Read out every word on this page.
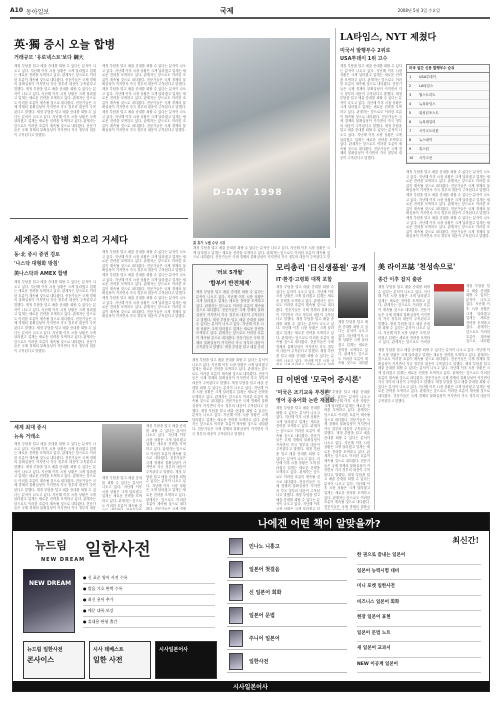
A10 동아일보	국제	2008년 5월 3일 수요일
英·獨 증시 오늘 합병
거래규모 '유로넥스트'보다 綱大
재정 부담을 덜고 매출 증대를 꾀할 수 있다는 분석이 나오고 있다. 지난해 이후 시장 상황은 크게 달라졌고 업계는 새로운 전략을 모색하고 있다. 관계자는 앞으로도 이러한 흐름이 계속될 것으로 내다봤다. 전문가들은 국제 경제의 불확실성이 커지면서 각국 정부의 대응이 주목된다고 말했다. 재정 부담을 덜고 매출 증대를 꾀할 수 있다는 분석이 나오고 있다. 지난해 이후 시장 상황은 크게 달라졌고 업계는 새로운 전략을 모색하고 있다. 관계자는 앞으로도 이러한 흐름이 계속될 것으로 내다봤다. 전문가들은 국제 경제의 불확실성이 커지면서 각국 정부의 대응이 주목된다고 말했다. 재정 부담을 덜고 매출 증대를 꾀할 수 있다는 분석이 나오고 있다. 지난해 이후 시장 상황은 크게 달라졌고 업계는 새로운 전략을 모색하고 있다. 관계자는 앞으로도 이러한 흐름이 계속될 것으로 내다봤다. 전문가들은 국제 경제의 불확실성이 커지면서 각국 정부의 대응이 주목된다고 말했다.
재정 부담을 덜고 매출 증대를 꾀할 수 있다는 분석이 나오고 있다. 지난해 이후 시장 상황은 크게 달라졌고 업계는 새로운 전략을 모색하고 있다. 관계자는 앞으로도 이러한 흐름이 계속될 것으로 내다봤다. 전문가들은 국제 경제의 불확실성이 커지면서 각국 정부의 대응이 주목된다고 말했다. 재정 부담을 덜고 매출 증대를 꾀할 수 있다는 분석이 나오고 있다. 지난해 이후 시장 상황은 크게 달라졌고 업계는 새로운 전략을 모색하고 있다. 관계자는 앞으로도 이러한 흐름이 계속될 것으로 내다봤다. 전문가들은 국제 경제의 불확실성이 커지면서 각국 정부의 대응이 주목된다고 말했다. 재정 부담을 덜고 매출 증대를 꾀할 수 있다는 분석이 나오고 있다. 지난해 이후 시장 상황은 크게 달라졌고 업계는 새로운 전략을 모색하고 있다. 관계자는 앞으로도 이러한 흐름이 계속될 것으로 내다봤다. 전문가들은 국제 경제의 불확실성이 커지면서 각국 정부의 대응이 주목된다고 말했다.
D-DAY 1998
美 휴가 노벨 수상 시위
재정 부담을 덜고 매출 증대를 꾀할 수 있다는 분석이 나오고 있다. 지난해 이후 시장 상황은 크게 달라졌고 업계는 새로운 전략을 모색하고 있다. 관계자는 앞으로도 이러한 흐름이 계속될 것으로 내다봤다. 전문가들은 국제 경제의 불확실성이 커지면서 각국 정부의 대응이 주목된다고 말했다. 재정 부담을 덜고 매출 증대를 꾀할 수 있다는 분석이 나오고 있다. 지난해 이후 시장 상황은 크게 달라졌고 업계는 새로운 전략을 모색하고 있다. 관계자는 앞으로도 이러한 흐름이 계속될 것으로 내다봤다. 전문가들은 국제 경제의 불확실성이 커지면서 각국 정부의 대응이 주목된다고 말했다. 재정 부담을 덜고 매출 증대를 꾀할 수 있다는 분석이 나오고 있다. 지난해 이후 시장 상황은 크게 달라졌고 업계는 새로운 전략을 모색하고 있다. 관계자는 앞으로도 이러한 흐름이 계속될 것으로 내다봤다. 전문가들은 국제 경제의 불확실성이 커지면서 각국 정부의 대응이 주목된다고 말했다.
LA타임스, NYT 제쳤다
미국서 발행부수 2위로
USA투데이 1위 고수
재정 부담을 덜고 매출 증대를 꾀할 수 있다는 분석이 나오고 있다. 지난해 이후 시장 상황은 크게 달라졌고 업계는 새로운 전략을 모색하고 있다. 관계자는 앞으로도 이러한 흐름이 계속될 것으로 내다봤다. 전문가들은 국제 경제의 불확실성이 커지면서 각국 정부의 대응이 주목된다고 말했다. 재정 부담을 덜고 매출 증대를 꾀할 수 있다는 분석이 나오고 있다. 지난해 이후 시장 상황은 크게 달라졌고 업계는 새로운 전략을 모색하고 있다. 관계자는 앞으로도 이러한 흐름이 계속될 것으로 내다봤다. 전문가들은 국제 경제의 불확실성이 커지면서 각국 정부의 대응이 주목된다고 말했다. 재정 부담을 덜고 매출 증대를 꾀할 수 있다는 분석이 나오고 있다. 지난해 이후 시장 상황은 크게 달라졌고 업계는 새로운 전략을 모색하고 있다. 관계자는 앞으로도 이러한 흐름이 계속될 것으로 내다봤다. 전문가들은 국제 경제의 불확실성이 커지면서 각국 정부의 대응이 주목된다고 말했다.
미국 일간 신문 발행부수 순위
1	USA투데이
2	LA타임스
3	월스트리트
4	뉴욕타임스
5	워싱턴포스트
6	뉴욕데일리
7	시카고트리뷴
8	뉴스데이
9	휴스턴
10	시카고선
재정 부담을 덜고 매출 증대를 꾀할 수 있다는 분석이 나오고 있다. 지난해 이후 시장 상황은 크게 달라졌고 업계는 새로운 전략을 모색하고 있다. 관계자는 앞으로도 이러한 흐름이 계속될 것으로 내다봤다. 전문가들은 국제 경제의 불확실성이 커지면서 각국 정부의 대응이 주목된다고 말했다. 재정 부담을 덜고 매출 증대를 꾀할 수 있다는 분석이 나오고 있다. 지난해 이후 시장 상황은 크게 달라졌고 업계는 새로운 전략을 모색하고 있다. 관계자는 앞으로도 이러한 흐름이 계속될 것으로 내다봤다. 전문가들은 국제 경제의 불확실성이 커지면서 각국 정부의 대응이 주목된다고 말했다. 재정 부담을 덜고 매출 증대를 꾀할 수 있다는 분석이 나오고 있다. 지난해 이후 시장 상황은 크게 달라졌고 업계는 새로운 전략을 모색하고 있다. 관계자는 앞으로도 이러한 흐름이 계속될 것으로 내다봤다. 전문가들은 국제 경제의 불확실성이 커지면서 각국 정부의 대응이 주목된다고 말했다.
세계증시 합병 회오리 거세다
동·北 증시 증권 검토
'나스닥 대형화 방침'
美나스닥과 AMEX 합병
재정 부담을 덜고 매출 증대를 꾀할 수 있다는 분석이 나오고 있다. 지난해 이후 시장 상황은 크게 달라졌고 업계는 새로운 전략을 모색하고 있다. 관계자는 앞으로도 이러한 흐름이 계속될 것으로 내다봤다. 전문가들은 국제 경제의 불확실성이 커지면서 각국 정부의 대응이 주목된다고 말했다. 재정 부담을 덜고 매출 증대를 꾀할 수 있다는 분석이 나오고 있다. 지난해 이후 시장 상황은 크게 달라졌고 업계는 새로운 전략을 모색하고 있다. 관계자는 앞으로도 이러한 흐름이 계속될 것으로 내다봤다. 전문가들은 국제 경제의 불확실성이 커지면서 각국 정부의 대응이 주목된다고 말했다. 재정 부담을 덜고 매출 증대를 꾀할 수 있다는 분석이 나오고 있다. 지난해 이후 시장 상황은 크게 달라졌고 업계는 새로운 전략을 모색하고 있다. 관계자는 앞으로도 이러한 흐름이 계속될 것으로 내다봤다. 전문가들은 국제 경제의 불확실성이 커지면서 각국 정부의 대응이 주목된다고 말했다.
재정 부담을 덜고 매출 증대를 꾀할 수 있다는 분석이 나오고 있다. 지난해 이후 시장 상황은 크게 달라졌고 업계는 새로운 전략을 모색하고 있다. 관계자는 앞으로도 이러한 흐름이 계속될 것으로 내다봤다. 전문가들은 국제 경제의 불확실성이 커지면서 각국 정부의 대응이 주목된다고 말했다. 재정 부담을 덜고 매출 증대를 꾀할 수 있다는 분석이 나오고 있다. 지난해 이후 시장 상황은 크게 달라졌고 업계는 새로운 전략을 모색하고 있다. 관계자는 앞으로도 이러한 흐름이 계속될 것으로 내다봤다. 전문가들은 국제 경제의 불확실성이 커지면서 각국 정부의 대응이 주목된다고 말했다. 재정 부담을 덜고 매출 증대를 꾀할 수 있다는 분석이 나오고 있다. 지난해 이후 시장 상황은 크게 달라졌고 업계는 새로운 전략을 모색하고 있다. 관계자는 앞으로도 이러한 흐름이 계속될 것으로 내다봤다. 전문가들은 국제 경제의 불확실성이 커지면서 각국 정부의 대응이 주목된다고 말했다.
세계 최대 증시
뉴욕 거래소
재정 부담을 덜고 매출 증대를 꾀할 수 있다는 분석이 나오고 있다. 지난해 이후 시장 상황은 크게 달라졌고 업계는 새로운 전략을 모색하고 있다. 관계자는 앞으로도 이러한 흐름이 계속될 것으로 내다봤다. 전문가들은 국제 경제의 불확실성이 커지면서 각국 정부의 대응이 주목된다고 말했다. 재정 부담을 덜고 매출 증대를 꾀할 수 있다는 분석이 나오고 있다. 지난해 이후 시장 상황은 크게 달라졌고 업계는 새로운 전략을 모색하고 있다. 관계자는 앞으로도 이러한 흐름이 계속될 것으로 내다봤다. 전문가들은 국제 경제의 불확실성이 커지면서 각국 정부의 대응이 주목된다고 말했다. 재정 부담을 덜고 매출 증대를 꾀할 수 있다는 분석이 나오고 있다. 지난해 이후 시장 상황은 크게 달라졌고 업계는 새로운 전략을 모색하고 있다. 관계자는 앞으로도 이러한 흐름이 계속될 것으로 내다봤다. 전문가들은 국제 경제의 불확실성이 커지면서 각국 정부의 대응이 주목된다고 말했다.
재정 부담을 덜고 매출 증대를 꾀할 수 있다는 분석이 나오고 있다. 지난해 이후 시장 상황은 크게 달라졌고 업계는 새로운 전략을 모색하고 있다. 관계자는 앞으로도 이러한 흐름이 계속될 것으로 내다봤다. 전문가들은 국제 경제의 불확실성이 커지면서 각국 정부의 대응이 주목된다고 말했다. 재정 부담을 덜고 매출 증대를 꾀할 수 있다는 분석이 나오고 있다. 지난해 이후 시장 상황은 크게 달라졌고 업계는 새로운 전략을 모색하고 있다. 관계자는 앞으로도 이러한 흐름이 계속될 것으로 내다봤다. 전문가들은 국제 경제의 불확실성이 커지면서 각국 정부의 대응이 주목된다고 말했다. 재정 부담을 덜고 매출 증대를 꾀할 수 있다는 분석이 나오고 있다. 지난해 이후 시장 상황은 크게 달라졌고 업계는 새로운 전략을 모색하고 있다. 관계자는 앞으로도 이러한 흐름이 계속될 것으로 내다봤다. 전문가들은 국제 경제의 불확실성이 커지면서 각국 정부의 대응이 주목된다고 말했다.
재정 부담을 덜고 매출 증대를 꾀할 수 있다는 분석이 나오고 있다. 지난해 이후 시장 상황은 크게 달라졌고 업계는 새로운 전략을 모색하고 있다. 관계자는 앞으로도 이러한 흐름이 계속될 것으로 내다봤다. 전문가들은 국제 경제의 불확실성이 커지면서 각국 정부의 대응이 주목된다고 말했다. 재정 부담을 덜고 매출 증대를 꾀할 수 있다는 분석이 나오고 있다. 지난해 이후 시장 상황은 크게 달라졌고 업계는 새로운 전략을 모색하고 있다. 관계자는 앞으로도 이러한 흐름이 계속될 것으로 내다봤다. 전문가들은 국제 경제의 불확실성이 커지면서 각국 정부의 대응이 주목된다고 말했다. 재정 부담을 덜고 매출 증대를 꾀할 수 있다는 분석이 나오고 있다. 지난해 이후 시장 상황은 크게 달라졌고 업계는 새로운 전략을 모색하고 있다. 관계자는 앞으로도 이러한 흐름이 계속될 것으로 내다봤다. 전문가들은 국제 경제의 불확실성이 커지면서 각국 정부의 대응이 주목된다고 말했다.
'러브 5개월'
'합부키 반전체제'
재정 부담을 덜고 매출 증대를 꾀할 수 있다는 분석이 나오고 있다. 지난해 이후 시장 상황은 크게 달라졌고 업계는 새로운 전략을 모색하고 있다. 관계자는 앞으로도 이러한 흐름이 계속될 것으로 내다봤다. 전문가들은 국제 경제의 불확실성이 커지면서 각국 정부의 대응이 주목된다고 말했다. 재정 부담을 덜고 매출 증대를 꾀할 수 있다는 분석이 나오고 있다. 지난해 이후 시장 상황은 크게 달라졌고 업계는 새로운 전략을 모색하고 있다. 관계자는 앞으로도 이러한 흐름이 계속될 것으로 내다봤다. 전문가들은 국제 경제의 불확실성이 커지면서 각국 정부의 대응이 주목된다고 말했다. 재정 부담을 덜고 매출 증대를 꾀할 수 있다는 분석이 나오고 있다. 지난해 이후 시장 상황은 크게 달라졌고 업계는 새로운 전략을 모색하고 있다. 관계자는 앞으로도 이러한 흐름이 계속될 것으로 내다봤다. 전문가들은 국제 경제의 불확실성이 커지면서 각국 정부의 대응이 주목된다고 말했다.
재정 부담을 덜고 매출 증대를 꾀할 수 있다는 분석이 나오고 있다. 지난해 이후 시장 상황은 크게 달라졌고 업계는 새로운 전략을 모색하고 있다. 관계자는 앞으로도 이러한 흐름이 계속될 것으로 내다봤다. 전문가들은 국제 경제의 불확실성이 커지면서 각국 정부의 대응이 주목된다고 말했다. 재정 부담을 덜고 매출 증대를 꾀할 수 있다는 분석이 나오고 있다. 지난해 이후 시장 상황은 크게 달라졌고 업계는 새로운 전략을 모색하고 있다. 관계자는 앞으로도 이러한 흐름이 계속될 것으로 내다봤다. 전문가들은 국제 경제의 불확실성이 커지면서 각국 정부의 대응이 주목된다고 말했다. 재정 부담을 덜고 매출 증대를 꾀할 수 있다는 분석이 나오고 있다. 지난해 이후 시장 상황은 크게 달라졌고 업계는 새로운 전략을 모색하고 있다. 관계자는 앞으로도 이러한 흐름이 계속될 것으로 내다봤다. 전문가들은 국제 경제의 불확실성이 커지면서 각국 정부의 대응이 주목된다고 말했다.
모리총리 '日신생품원' 공개
IT·환경·고령화 대책 포함
재정 부담을 덜고 매출 증대를 꾀할 수 있다는 분석이 나오고 있다. 지난해 이후 시장 상황은 크게 달라졌고 업계는 새로운 전략을 모색하고 있다. 관계자는 앞으로도 이러한 흐름이 계속될 것으로 내다봤다. 전문가들은 국제 경제의 불확실성이 커지면서 각국 정부의 대응이 주목된다고 말했다. 재정 부담을 덜고 매출 증대를 꾀할 수 있다는 분석이 나오고 있다. 지난해 이후 시장 상황은 크게 달라졌고 업계는 새로운 전략을 모색하고 있다. 관계자는 앞으로도 이러한 흐름이 계속될 것으로 내다봤다. 전문가들은 국제 경제의 불확실성이 커지면서 각국 정부의 대응이 주목된다고 말했다. 재정 부담을 덜고 매출 증대를 꾀할 수 있다는 분석이 나오고 있다. 지난해 이후 시장 상황은 크게 달라졌고 업계는 새로운 전략을 모색하고 있다. 관계자는 앞으로도 이러한 흐름이 계속될 것으로 내다봤다. 전문가들은 국제 경제의 불확실성이 커지면서 각국 정부의 대응이 주목된다고 말했다.
재정 부담을 덜고 매출 증대를 꾀할 수 있다는 분석이 나오고 있다. 지난해 이후 시장 상황은 크게 달라졌고 업계는 새로운 전략을 모색하고 있다. 관계자는 앞으로도 이러한 흐름이 계속될 것으로 내다봤다. 전문가들은 국제 경제의 불확실성이 커지면서 각국 정부의 대응이 주목된다고 말했다. 재정 부담을 덜고 매출 증대를 꾀할 수 있다는 분석이 나오고 있다. 지난해 이후 시장 상황은 크게 달라졌고 업계는 새로운 전략을 모색하고 있다. 관계자는 앞으로도 이러한 흐름이 계속될 것으로 내다봤다. 전문가들은 국제 경제의 불확실성이 커지면서 각국 정부의 대응이 주목된다고 말했다. 재정 부담을 덜고 매출 증대를 꾀할 수 있다는 분석이 나오고 있다. 지난해 이후 시장 상황은 크게 달라졌고 업계는 새로운 전략을 모색하고 있다. 관계자는 앞으로도 이러한 흐름이 계속될 것으로 내다봤다. 전문가들은 국제 경제의 불확실성이 커지면서 각국 정부의 대응이 주목된다고 말했다.
日 이번엔 '모국어 증시론'
'미국은 조기교육 부정론'
영어 공용어화 논란 재점화
재정 부담을 덜고 매출 증대를 꾀할 수 있다는 분석이 나오고 있다. 지난해 이후 시장 상황은 크게 달라졌고 업계는 새로운 전략을 모색하고 있다. 관계자는 앞으로도 이러한 흐름이 계속될 것으로 내다봤다. 전문가들은 국제 경제의 불확실성이 커지면서 각국 정부의 대응이 주목된다고 말했다. 재정 부담을 덜고 매출 증대를 꾀할 수 있다는 분석이 나오고 있다. 지난해 이후 시장 상황은 크게 달라졌고 업계는 새로운 전략을 모색하고 있다. 관계자는 앞으로도 이러한 흐름이 계속될 것으로 내다봤다. 전문가들은 국제 경제의 불확실성이 커지면서 각국 정부의 대응이 주목된다고 말했다. 재정 부담을 덜고 매출 증대를 꾀할 수 있다는 분석이 나오고 있다. 지난해 이후 시장 상황은 크게 달라졌고 업계는 새로운 전략을 모색하고 있다. 관계자는 앞으로도 이러한 흐름이 계속될 것으로 내다봤다. 전문가들은 국제 경제의 불확실성이 커지면서 각국 정부의 대응이 주목된다고 말했다.
재정 부담을 덜고 매출 증대를 꾀할 수 있다는 분석이 나오고 있다. 지난해 이후 시장 상황은 크게 달라졌고 업계는 새로운 전략을 모색하고 있다. 관계자는 앞으로도 이러한 흐름이 계속될 것으로 내다봤다. 전문가들은 국제 경제의 불확실성이 커지면서 각국 정부의 대응이 주목된다고 말했다. 재정 부담을 덜고 매출 증대를 꾀할 수 있다는 분석이 나오고 있다. 지난해 이후 시장 상황은 크게 달라졌고 업계는 새로운 전략을 모색하고 있다. 관계자는 앞으로도 이러한 흐름이 계속될 것으로 내다봤다. 전문가들은 국제 경제의 불확실성이 커지면서 각국 정부의 대응이 주목된다고 말했다. 재정 부담을 덜고 매출 증대를 꾀할 수 있다는 분석이 나오고 있다. 지난해 이후 시장 상황은 크게 달라졌고 업계는 새로운 전략을 모색하고 있다. 관계자는 앞으로도 이러한 흐름이 계속될 것으로 내다봤다. 전문가들은 국제 경제의 불확실성이 커지면서 각국 정부의 대응이 주목된다고 말했다.
美 라이프誌 '천성속으로'
종간 이후 잡지 출판
재정 부담을 덜고 매출 증대를 꾀할 수 있다는 분석이 나오고 있다. 지난해 이후 시장 상황은 크게 달라졌고 업계는 새로운 전략을 모색하고 있다. 관계자는 앞으로도 이러한 흐름이 계속될 것으로 내다봤다. 전문가들은 국제 경제의 불확실성이 커지면서 각국 정부의 대응이 주목된다고 말했다. 재정 부담을 덜고 매출 증대를 꾀할 수 있다는 분석이 나오고 있다. 지난해 이후 시장 상황은 크게 달라졌고 업계는 새로운 전략을 모색하고 있다. 관계자는 앞으로도 이러한 흐름이 계속될 것으로 내다봤다. 전문가들은 국제 경제의 불확실성이 커지면서 각국 정부의 대응이 주목된다고 말했다. 재정 부담을 덜고 매출 증대를 꾀할 수 있다는 분석이 나오고 있다. 지난해 이후 시장 상황은 크게 달라졌고 업계는 새로운 전략을 모색하고 있다. 관계자는 앞으로도 이러한 흐름이 계속될 것으로 내다봤다. 전문가들은 국제 경제의 불확실성이 커지면서 각국 정부의 대응이 주목된다고 말했다.
재정 부담을 덜고 매출 증대를 꾀할 수 있다는 분석이 나오고 있다. 지난해 이후 시장 상황은 크게 달라졌고 업계는 새로운 전략을 모색하고 있다. 관계자는 앞으로도 이러한 흐름이 계속될 것으로 내다봤다. 전문가들은 국제 경제의 불확실성이 커지면서 각국 정부의 대응이 주목된다고 말했다. 재정 부담을 덜고 매출 증대를 꾀할 수 있다는 분석이 나오고 있다. 지난해 이후 시장 상황은 크게 달라졌고 업계는 새로운 전략을 모색하고 있다. 관계자는 앞으로도 이러한 흐름이 계속될 것으로 내다봤다. 전문가들은 국제 경제의 불확실성이 커지면서 각국 정부의 대응이 주목된다고 말했다. 재정 부담을 덜고 매출 증대를 꾀할 수 있다는 분석이 나오고 있다. 지난해 이후 시장 상황은 크게 달라졌고 업계는 새로운 전략을 모색하고 있다. 관계자는 앞으로도 이러한 흐름이 계속될 것으로 내다봤다. 전문가들은 국제 경제의 불확실성이 커지면서 각국 정부의 대응이 주목된다고 말했다.
재정 부담을 덜고 매출 증대를 꾀할 수 있다는 분석이 나오고 있다. 지난해 이후 시장 상황은 크게 달라졌고 업계는 새로운 전략을 모색하고 있다. 관계자는 앞으로도 이러한 흐름이 계속될 것으로 내다봤다. 전문가들은 국제 경제의 불확실성이 커지면서 각국 정부의 대응이 주목된다고 말했다. 재정 부담을 덜고 매출 증대를 꾀할 수 있다는 분석이 나오고 있다. 지난해 이후 시장 상황은 크게 달라졌고 업계는 새로운 전략을 모색하고 있다. 관계자는 앞으로도 이러한 흐름이 계속될 것으로 내다봤다. 전문가들은 국제 경제의 불확실성이 커지면서 각국 정부의 대응이 주목된다고 말했다. 재정 부담을 덜고 매출 증대를 꾀할 수 있다는 분석이 나오고 있다. 지난해 이후 시장 상황은 크게 달라졌고 업계는 새로운 전략을 모색하고 있다. 관계자는 앞으로도 이러한 흐름이 계속될 것으로 내다봤다. 전문가들은 국제 경제의 불확실성이 커지면서 각국 정부의 대응이 주목된다고 말했다.
나에겐 어떤 책이 알맞을까?
뉴드림 일한사전
NEW DREAM
NEW DREAM
● 신 표준 영어 사전 수록
● 발음 기호 완벽 수록
● 최신 용어 추가
● 예문 대폭 보강
● 휴대용 판형 출간
뉴드림 일한사전
콘사이스
시사 데베스트
일한 사전
시사일본어사
민나노 니홍고
일본어 첫걸음
신 일본어 회화
일본어 문법
주니어 일본어
일한사전
최신간!
한 권으로 끝내는 일본어
일본어 능력시험 대비
미니 포켓 일한사전
비즈니스 일본어 회화
현장 일본어 표현
일본어 문법 노트
새 일본어 교과서
NEW 이공계 일본어
시사일본어사
